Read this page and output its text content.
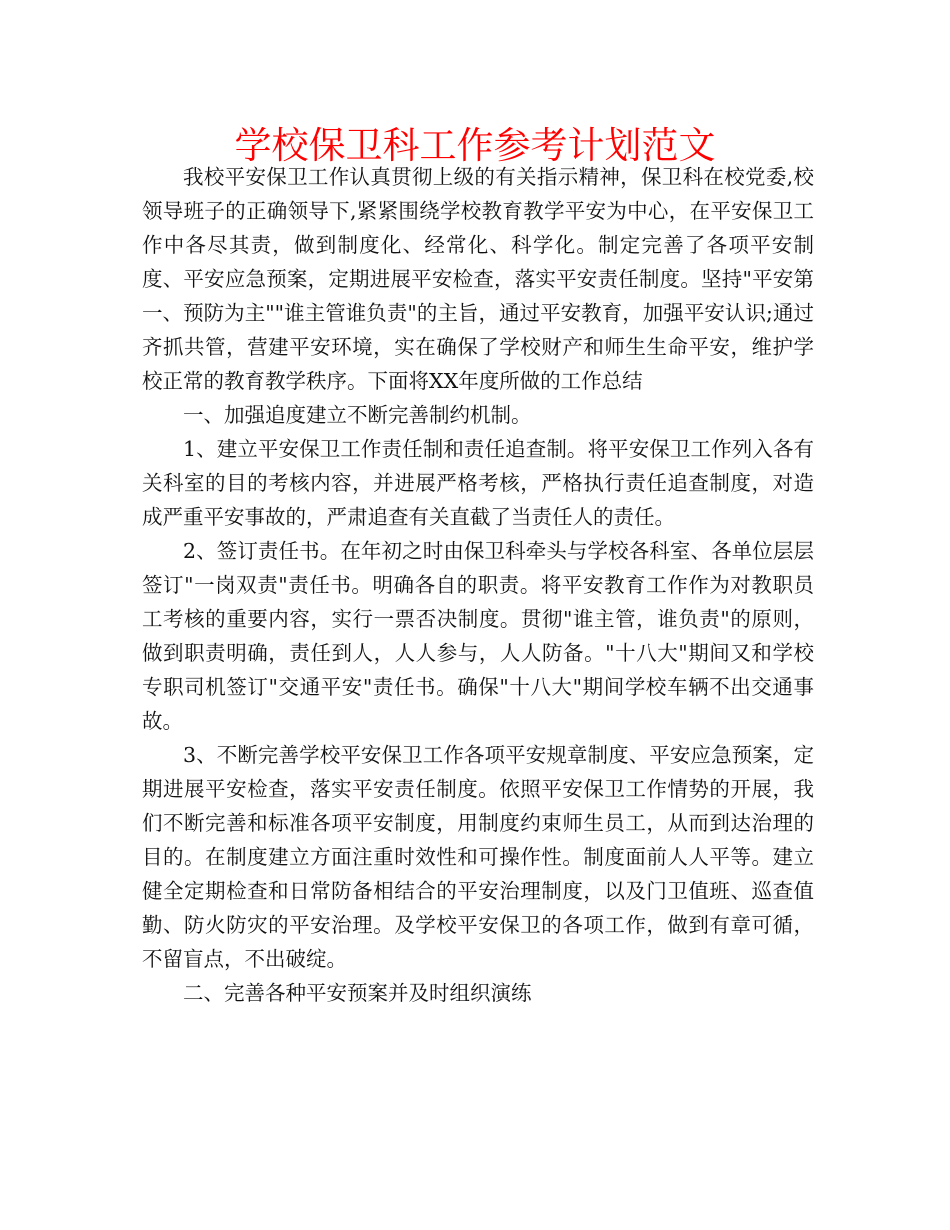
学校保卫科工作参考计划范文

我校平安保卫工作认真贯彻上级的有关指示精神，保卫科在校党委,校领导班子的正确领导下,紧紧围绕学校教育教学平安为中心，在平安保卫工作中各尽其责，做到制度化、经常化、科学化。制定完善了各项平安制度、平安应急预案，定期进展平安检查，落实平安责任制度。坚持"平安第一、预防为主""谁主管谁负责"的主旨，通过平安教育，加强平安认识;通过齐抓共管，营建平安环境，实在确保了学校财产和师生生命平安，维护学校正常的教育教学秩序。下面将XX年度所做的工作总结

一、加强追度建立不断完善制约机制。

1、建立平安保卫工作责任制和责任追查制。将平安保卫工作列入各有关科室的目的考核内容，并进展严格考核，严格执行责任追查制度，对造成严重平安事故的，严肃追查有关直截了当责任人的责任。

2、签订责任书。在年初之时由保卫科牵头与学校各科室、各单位层层签订"一岗双责"责任书。明确各自的职责。将平安教育工作作为对教职员工考核的重要内容，实行一票否决制度。贯彻"谁主管，谁负责"的原则，做到职责明确，责任到人，人人参与，人人防备。"十八大"期间又和学校专职司机签订"交通平安"责任书。确保"十八大"期间学校车辆不出交通事故。

3、不断完善学校平安保卫工作各项平安规章制度、平安应急预案，定期进展平安检查，落实平安责任制度。依照平安保卫工作情势的开展，我们不断完善和标准各项平安制度，用制度约束师生员工，从而到达治理的目的。在制度建立方面注重时效性和可操作性。制度面前人人平等。建立健全定期检查和日常防备相结合的平安治理制度，以及门卫值班、巡查值勤、防火防灾的平安治理。及学校平安保卫的各项工作，做到有章可循，不留盲点，不出破绽。

二、完善各种平安预案并及时组织演练
